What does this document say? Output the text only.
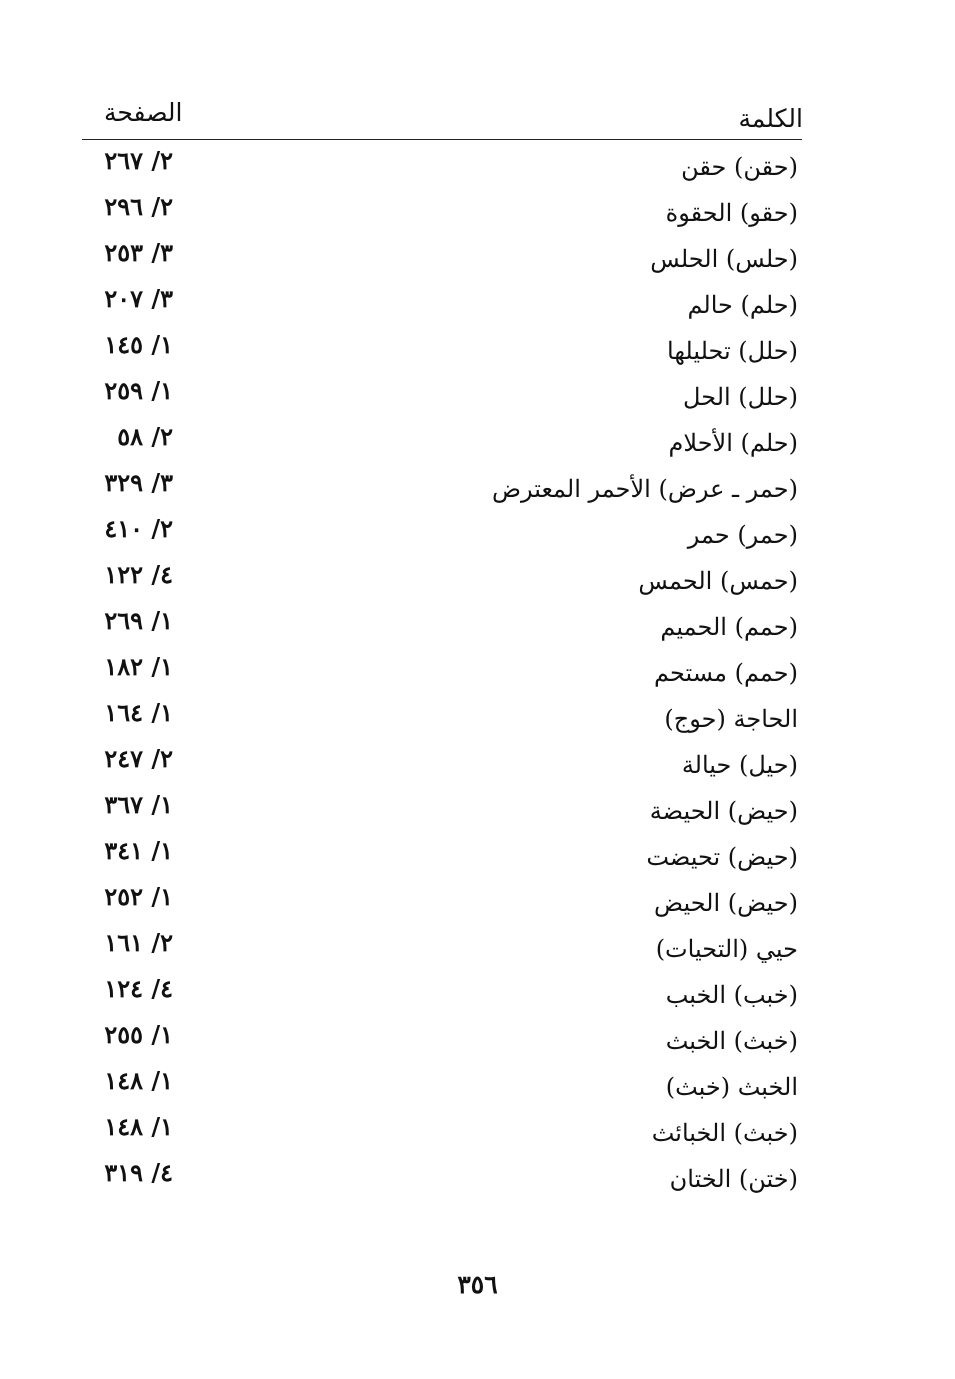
الكلمة
الصفحة
(حقن) حقن
٢/ ٢٦٧
(حقو) الحقوة
٢/ ٢٩٦
(حلس) الحلس
٣/ ٢٥٣
(حلم) حالم
٣/ ٢٠٧
(حلل) تحليلها
١/ ١٤٥
(حلل) الحل
١/ ٢٥٩
(حلم) الأحلام
٢/ ٥٨
(حمر ـ عرض) الأحمر المعترض
٣/ ٣٢٩
(حمر) حمر
٢/ ٤١٠
(حمس) الحمس
٤/ ١٢٢
(حمم) الحميم
١/ ٢٦٩
(حمم) مستحم
١/ ١٨٢
الحاجة (حوج)
١/ ١٦٤
(حيل) حيالة
٢/ ٢٤٧
(حيض) الحيضة
١/ ٣٦٧
(حيض) تحيضت
١/ ٣٤١
(حيض) الحيض
١/ ٢٥٢
حيي (التحيات)
٢/ ١٦١
(خبب) الخبب
٤/ ١٢٤
(خبث) الخبث
١/ ٢٥٥
الخبث (خبث)
١/ ١٤٨
(خبث) الخبائث
١/ ١٤٨
(ختن) الختان
٤/ ٣١٩
٣٥٦
